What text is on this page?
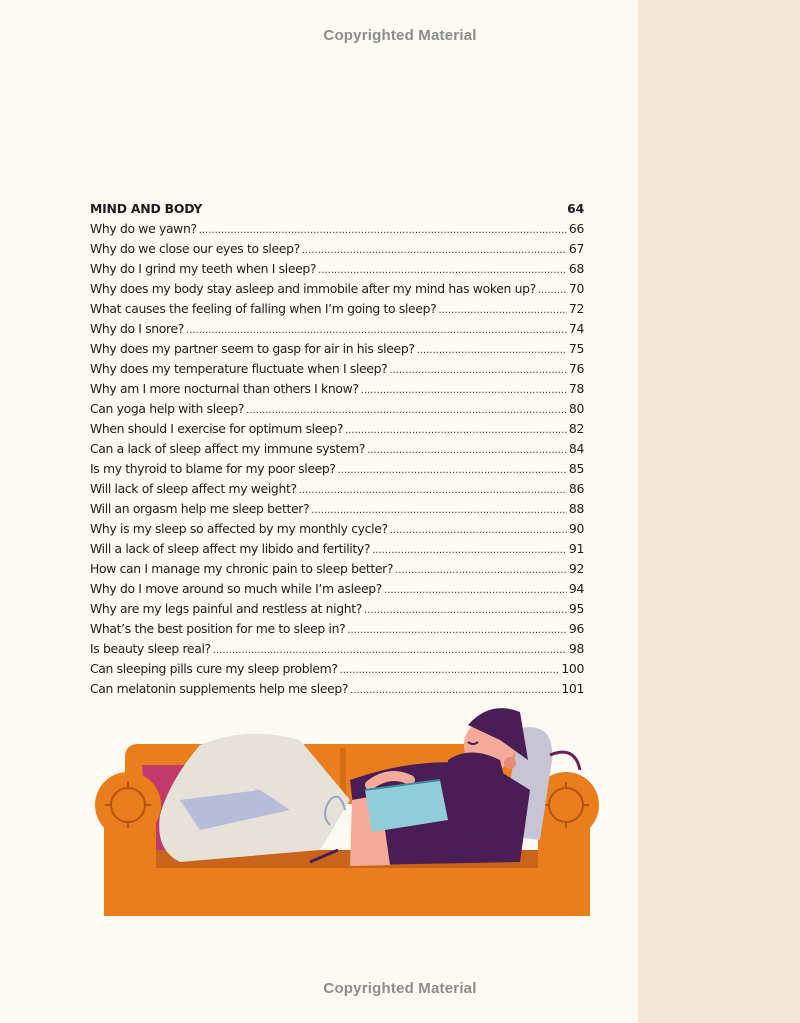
Copyrighted Material
MIND AND BODY	64
Why do we yawn? .....	66
Why do we close our eyes to sleep? .....	67
Why do I grind my teeth when I sleep? .....	68
Why does my body stay asleep and immobile after my mind has woken up? .....	70
What causes the feeling of falling when I’m going to sleep? .....	72
Why do I snore? .....	74
Why does my partner seem to gasp for air in his sleep? .....	75
Why does my temperature fluctuate when I sleep? .....	76
Why am I more nocturnal than others I know? .....	78
Can yoga help with sleep? .....	80
When should I exercise for optimum sleep? .....	82
Can a lack of sleep affect my immune system? .....	84
Is my thyroid to blame for my poor sleep? .....	85
Will lack of sleep affect my weight? .....	86
Will an orgasm help me sleep better? .....	88
Why is my sleep so affected by my monthly cycle? .....	90
Will a lack of sleep affect my libido and fertility? .....	91
How can I manage my chronic pain to sleep better? .....	92
Why do I move around so much while I’m asleep? .....	94
Why are my legs painful and restless at night? .....	95
What’s the best position for me to sleep in? .....	96
Is beauty sleep real? .....	98
Can sleeping pills cure my sleep problem? .....	100
Can melatonin supplements help me sleep? .....	101
Copyrighted Material
